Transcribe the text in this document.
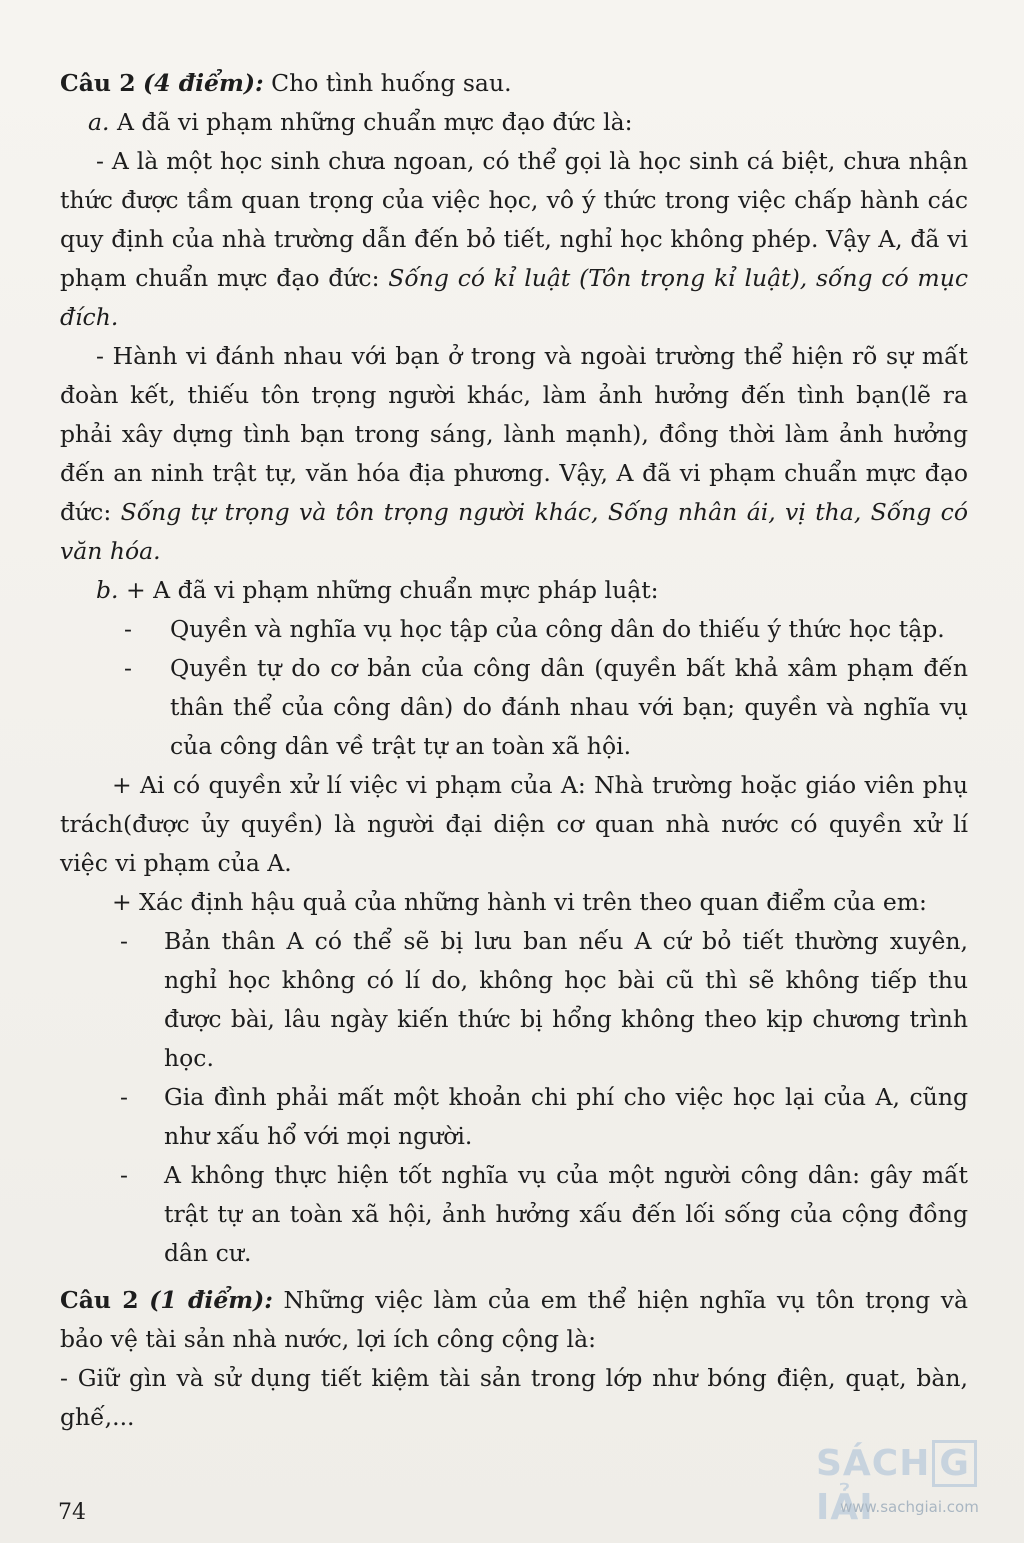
Câu 2 (4 điểm): Cho tình huống sau.

a. A đã vi phạm những chuẩn mực đạo đức là:

- A là một học sinh chưa ngoan, có thể gọi là học sinh cá biệt, chưa nhận thức được tầm quan trọng của việc học, vô ý thức trong việc chấp hành các quy định của nhà trường dẫn đến bỏ tiết, nghỉ học không phép. Vậy A, đã vi phạm chuẩn mực đạo đức: Sống có kỉ luật (Tôn trọng kỉ luật), sống có mục đích.

- Hành vi đánh nhau với bạn ở trong và ngoài trường thể hiện rõ sự mất đoàn kết, thiếu tôn trọng người khác, làm ảnh hưởng đến tình bạn(lẽ ra phải xây dựng tình bạn trong sáng, lành mạnh), đồng thời làm ảnh hưởng đến an ninh trật tự, văn hóa địa phương. Vậy, A đã vi phạm chuẩn mực đạo đức: Sống tự trọng và tôn trọng người khác, Sống nhân ái, vị tha, Sống có văn hóa.

b. + A đã vi phạm những chuẩn mực pháp luật:

- Quyền và nghĩa vụ học tập của công dân do thiếu ý thức học tập.

- Quyền tự do cơ bản của công dân (quyền bất khả xâm phạm đến thân thể của công dân) do đánh nhau với bạn; quyền và nghĩa vụ của công dân về trật tự an toàn xã hội.

+ Ai có quyền xử lí việc vi phạm của A: Nhà trường hoặc giáo viên phụ trách(được ủy quyền) là người đại diện cơ quan nhà nước có quyền xử lí việc vi phạm của A.

+ Xác định hậu quả của những hành vi trên theo quan điểm của em:

- Bản thân A có thể sẽ bị lưu ban nếu A cứ bỏ tiết thường xuyên, nghỉ học không có lí do, không học bài cũ thì sẽ không tiếp thu được bài, lâu ngày kiến thức bị hổng không theo kịp chương trình học.

- Gia đình phải mất một khoản chi phí cho việc học lại của A, cũng như xấu hổ với mọi người.

- A không thực hiện tốt nghĩa vụ của một người công dân: gây mất trật tự an toàn xã hội, ảnh hưởng xấu đến lối sống của cộng đồng dân cư.

Câu 2 (1 điểm): Những việc làm của em thể hiện nghĩa vụ tôn trọng và bảo vệ tài sản nhà nước, lợi ích công cộng là:

- Giữ gìn và sử dụng tiết kiệm tài sản trong lớp như bóng điện, quạt, bàn, ghế,...

74
SÁCH GIẢI
www.sachgiai.com
